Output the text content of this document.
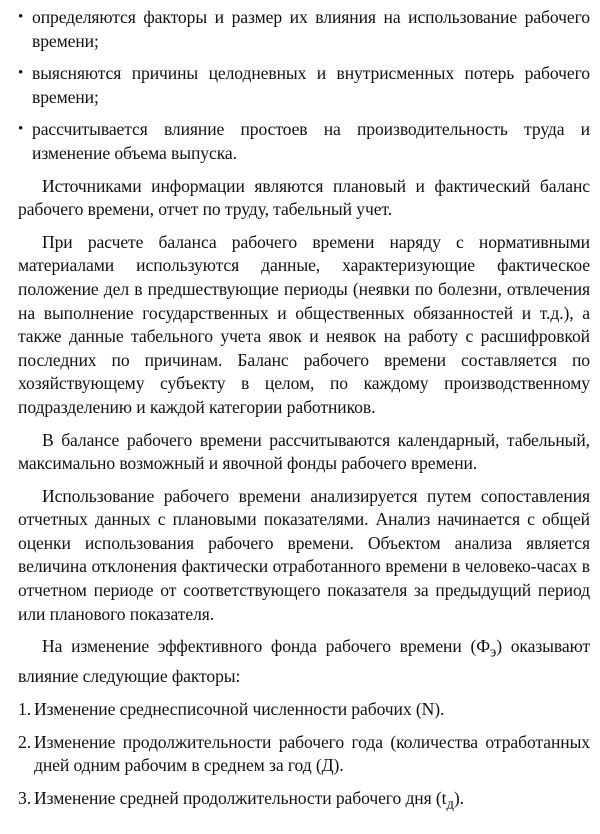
• определяются факторы и размер их влияния на использование рабочего времени;
• выясняются причины целодневных и внутрисменных потерь рабочего времени;
• рассчитывается влияние простоев на производительность труда и изменение объема выпуска.

Источниками информации являются плановый и фактический баланс рабочего времени, отчет по труду, табельный учет.

При расчете баланса рабочего времени наряду с нормативными материалами используются данные, характеризующие фактическое положение дел в предшествующие периоды (неявки по болезни, отвлечения на выполнение государственных и общественных обязанностей и т.д.), а также данные табельного учета явок и неявок на работу с расшифровкой последних по причинам. Баланс рабочего времени составляется по хозяйствующему субъекту в целом, по каждому производственному подразделению и каждой категории работников.

В балансе рабочего времени рассчитываются календарный, табельный, максимально возможный и явочной фонды рабочего времени.

Использование рабочего времени анализируется путем сопоставления отчетных данных с плановыми показателями. Анализ начинается с общей оценки использования рабочего времени. Объектом анализа является величина отклонения фактически отработанного времени в человеко-часах в отчетном периоде от соответствующего показателя за предыдущий период или планового показателя.

На изменение эффективного фонда рабочего времени $(Ф_э)$ оказывают влияние следующие факторы:

1. Изменение среднесписочной численности рабочих (N).
2. Изменение продолжительности рабочего года (количества отработанных дней одним рабочим в среднем за год (Д).
3. Изменение средней продолжительности рабочего дня $(t_д)$.
